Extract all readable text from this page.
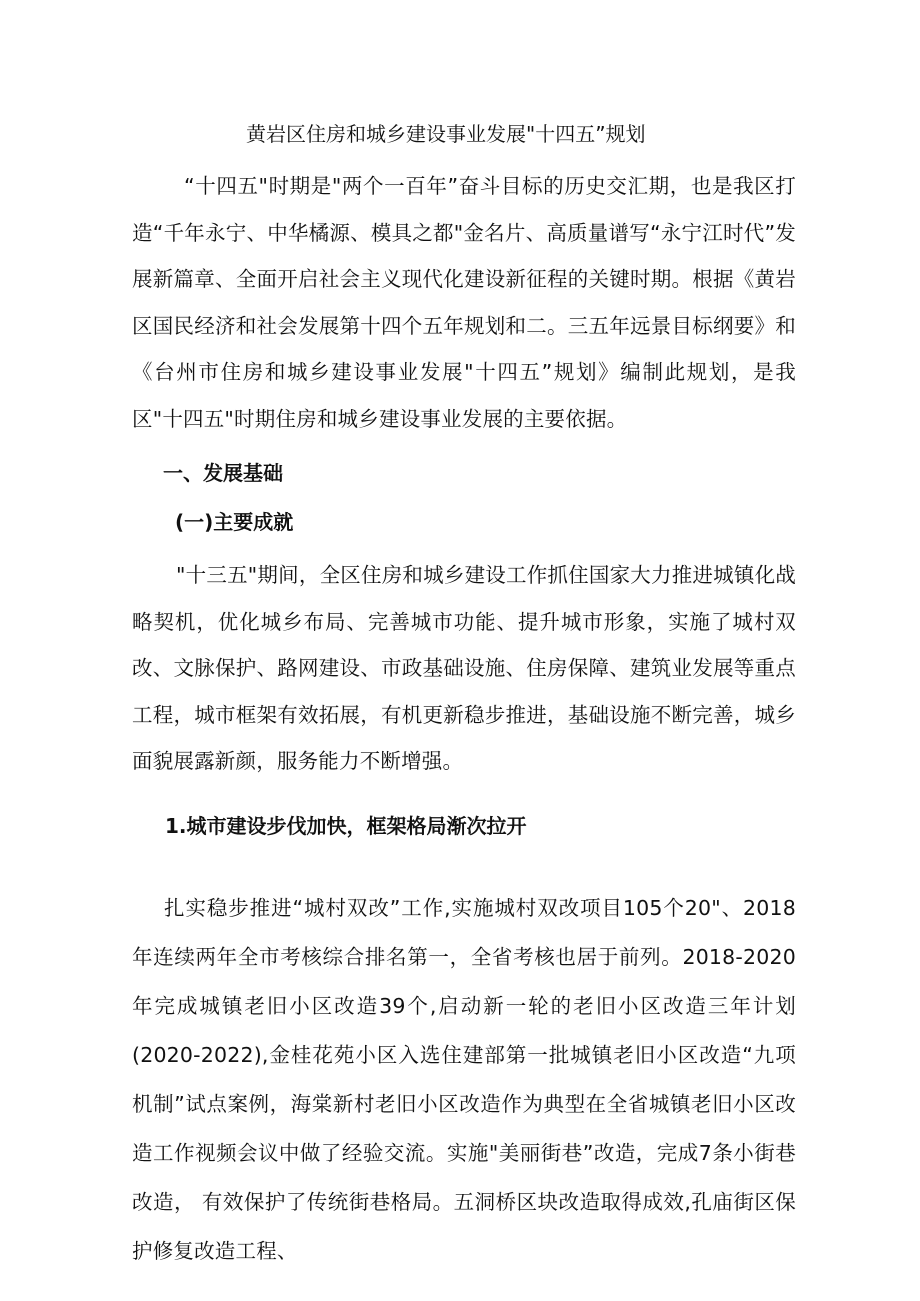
黄岩区住房和城乡建设事业发展"十四五”规划
“十四五"时期是"两个一百年”奋斗目标的历史交汇期，也是我区打造“千年永宁、中华橘源、模具之都"金名片、高质量谱写“永宁江时代”发展新篇章、全面开启社会主义现代化建设新征程的关键时期。根据《黄岩区国民经济和社会发展第十四个五年规划和二。三五年远景目标纲要》和《台州市住房和城乡建设事业发展"十四五”规划》编制此规划，是我区"十四五"时期住房和城乡建设事业发展的主要依据。
一、发展基础
(一)主要成就
"十三五"期间，全区住房和城乡建设工作抓住国家大力推进城镇化战略契机，优化城乡布局、完善城市功能、提升城市形象，实施了城村双改、文脉保护、路网建设、市政基础设施、住房保障、建筑业发展等重点工程，城市框架有效拓展，有机更新稳步推进，基础设施不断完善，城乡面貌展露新颜，服务能力不断增强。
1.城市建设步伐加快，框架格局渐次拉开
扎实稳步推进“城村双改”工作,实施城村双改项目105个20"、2018年连续两年全市考核综合排名第一，全省考核也居于前列。2018-2020年完成城镇老旧小区改造39个,启动新一轮的老旧小区改造三年计划(2020-2022),金桂花苑小区入选住建部第一批城镇老旧小区改造“九项机制”试点案例，海棠新村老旧小区改造作为典型在全省城镇老旧小区改造工作视频会议中做了经验交流。实施"美丽街巷”改造，完成7条小街巷改造， 有效保护了传统街巷格局。五洞桥区块改造取得成效,孔庙街区保护修复改造工程、
